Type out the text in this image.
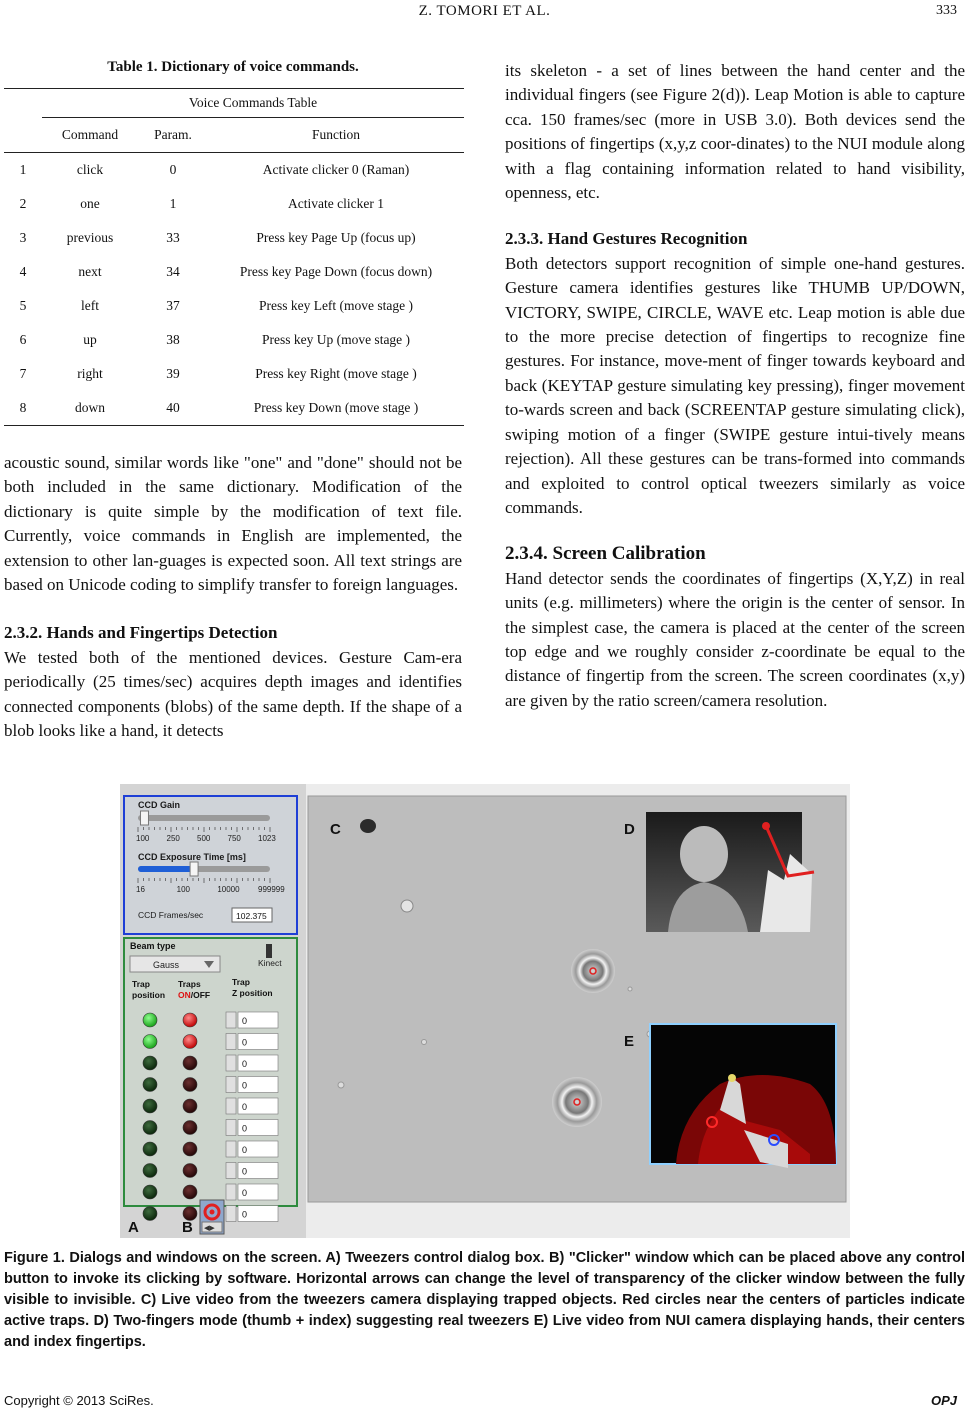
Z. TOMORI ET AL.	333
Table 1. Dictionary of voice commands.
	Voice Commands Table		
	Command	Param.	Function
1	click	0	Activate clicker 0 (Raman)
2	one	1	Activate clicker 1
3	previous	33	Press key Page Up (focus up)
4	next	34	Press key Page Down (focus down)
5	left	37	Press key Left (move stage )
6	up	38	Press key Up (move stage )
7	right	39	Press key Right (move stage )
8	down	40	Press key Down (move stage )

acoustic sound, similar words like "one" and "done" should not be both included in the same dictionary. Modification of the dictionary is quite simple by the modification of text file. Currently, voice commands in English are implemented, the extension to other lan-guages is expected soon. All text strings are based on Unicode coding to simplify transfer to foreign languages.

2.3.2. Hands and Fingertips Detection

We tested both of the mentioned devices. Gesture Cam-era periodically (25 times/sec) acquires depth images and identifies connected components (blobs) of the same depth. If the shape of a blob looks like a hand, it detects

its skeleton - a set of lines between the hand center and the individual fingers (see Figure 2(d)). Leap Motion is able to capture cca. 150 frames/sec (more in USB 3.0). Both devices send the positions of fingertips (x,y,z coor-dinates) to the NUI module along with a flag containing information related to hand visibility, openness, etc.

2.3.3. Hand Gestures Recognition

Both detectors support recognition of simple one-hand gestures. Gesture camera identifies gestures like THUMB UP/DOWN, VICTORY, SWIPE, CIRCLE, WAVE etc. Leap motion is able due to the more precise detection of fingertips to recognize fine gestures. For instance, move-ment of finger towards keyboard and back (KEYTAP gesture simulating key pressing), finger movement to-wards screen and back (SCREENTAP gesture simulating click), swiping motion of a finger (SWIPE gesture intui-tively means rejection). All these gestures can be trans-formed into commands and exploited to control optical tweezers similarly as voice commands.

2.3.4. Screen Calibration

Hand detector sends the coordinates of fingertips (X,Y,Z) in real units (e.g. millimeters) where the origin is the center of sensor. In the simplest case, the camera is placed at the center of the screen top edge and we roughly consider z-coordinate be equal to the distance of fingertip from the screen. The screen coordinates (x,y) are given by the ratio screen/camera resolution.

CCD Gain
100 250 500 750 1023
CCD Exposure Time [ms]
16	100	10000 999999
CCD Frames/sec	102.375
Beam type
Gauss	Kinect
Trap
position
Traps
ON/OFF
Trap
Z position
0
0
0
0
0
0
0
0
0
0
◀▶
C	D
E
A	B
Figure 1. Dialogs and windows on the screen. A) Tweezers control dialog box. B) "Clicker" window which can be placed above any control button to invoke its clicking by software. Horizontal arrows can change the level of transparency of the clicker window between the fully visible to invisible. C) Live video from the tweezers camera displaying trapped objects. Red circles near the centers of particles indicate active traps. D) Two-fingers mode (thumb + index) suggesting real tweezers E) Live video from NUI camera displaying hands, their centers and index fingertips.
Copyright © 2013 SciRes.	OPJ
